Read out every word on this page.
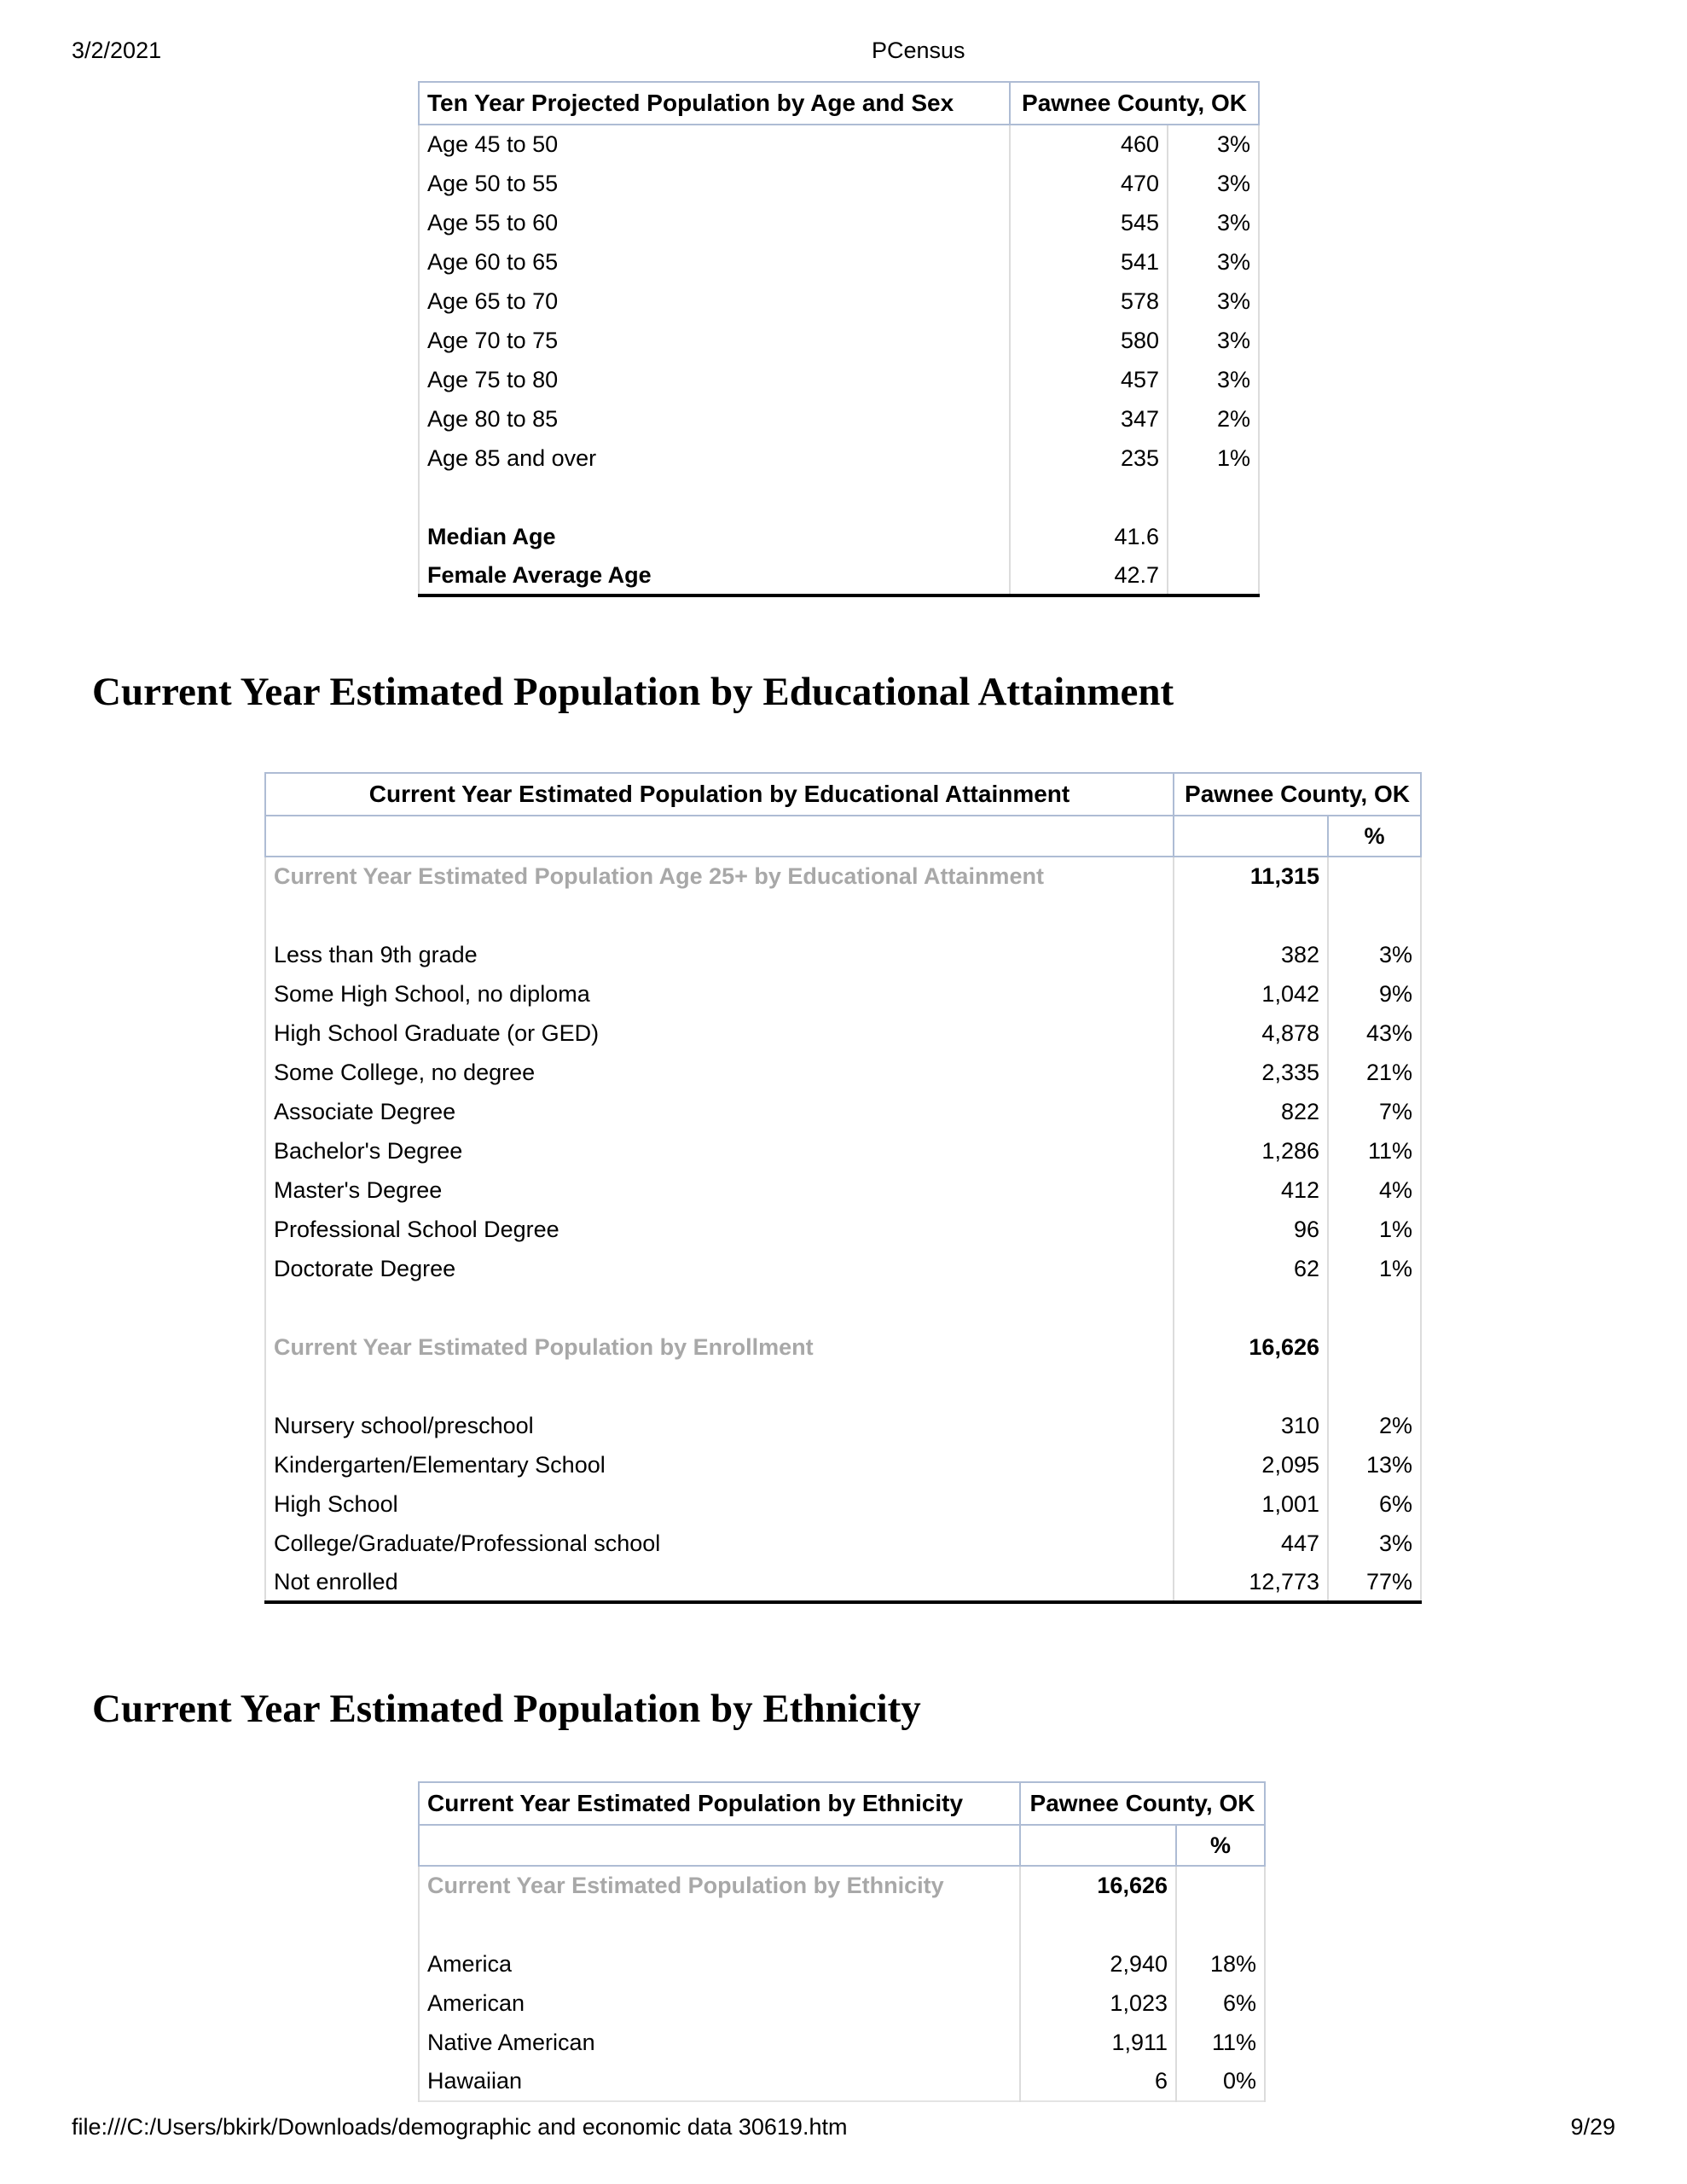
3/2/2021	PCensus
Ten Year Projected Population by Age and Sex	Pawnee County, OK	
Age 45 to 50	460	3%
Age 50 to 55	470	3%
Age 55 to 60	545	3%
Age 60 to 65	541	3%
Age 65 to 70	578	3%
Age 70 to 75	580	3%
Age 75 to 80	457	3%
Age 80 to 85	347	2%
Age 85 and over	235	1%

Median Age	41.6	
Female Average Age	42.7	
Current Year Estimated Population by Educational Attainment
Current Year Estimated Population by Educational Attainment	Pawnee County, OK	
		%
Current Year Estimated Population Age 25+ by Educational Attainment	11,315	

Less than 9th grade	382	3%
Some High School, no diploma	1,042	9%
High School Graduate (or GED)	4,878	43%
Some College, no degree	2,335	21%
Associate Degree	822	7%
Bachelor's Degree	1,286	11%
Master's Degree	412	4%
Professional School Degree	96	1%
Doctorate Degree	62	1%

Current Year Estimated Population by Enrollment	16,626	

Nursery school/preschool	310	2%
Kindergarten/Elementary School	2,095	13%
High School	1,001	6%
College/Graduate/Professional school	447	3%
Not enrolled	12,773	77%
Current Year Estimated Population by Ethnicity
Current Year Estimated Population by Ethnicity	Pawnee County, OK	
		%
Current Year Estimated Population by Ethnicity	16,626	

America	2,940	18%
American	1,023	6%
Native American	1,911	11%
Hawaiian	6	0%
file:///C:/Users/bkirk/Downloads/demographic and economic data 30619.htm	9/29
